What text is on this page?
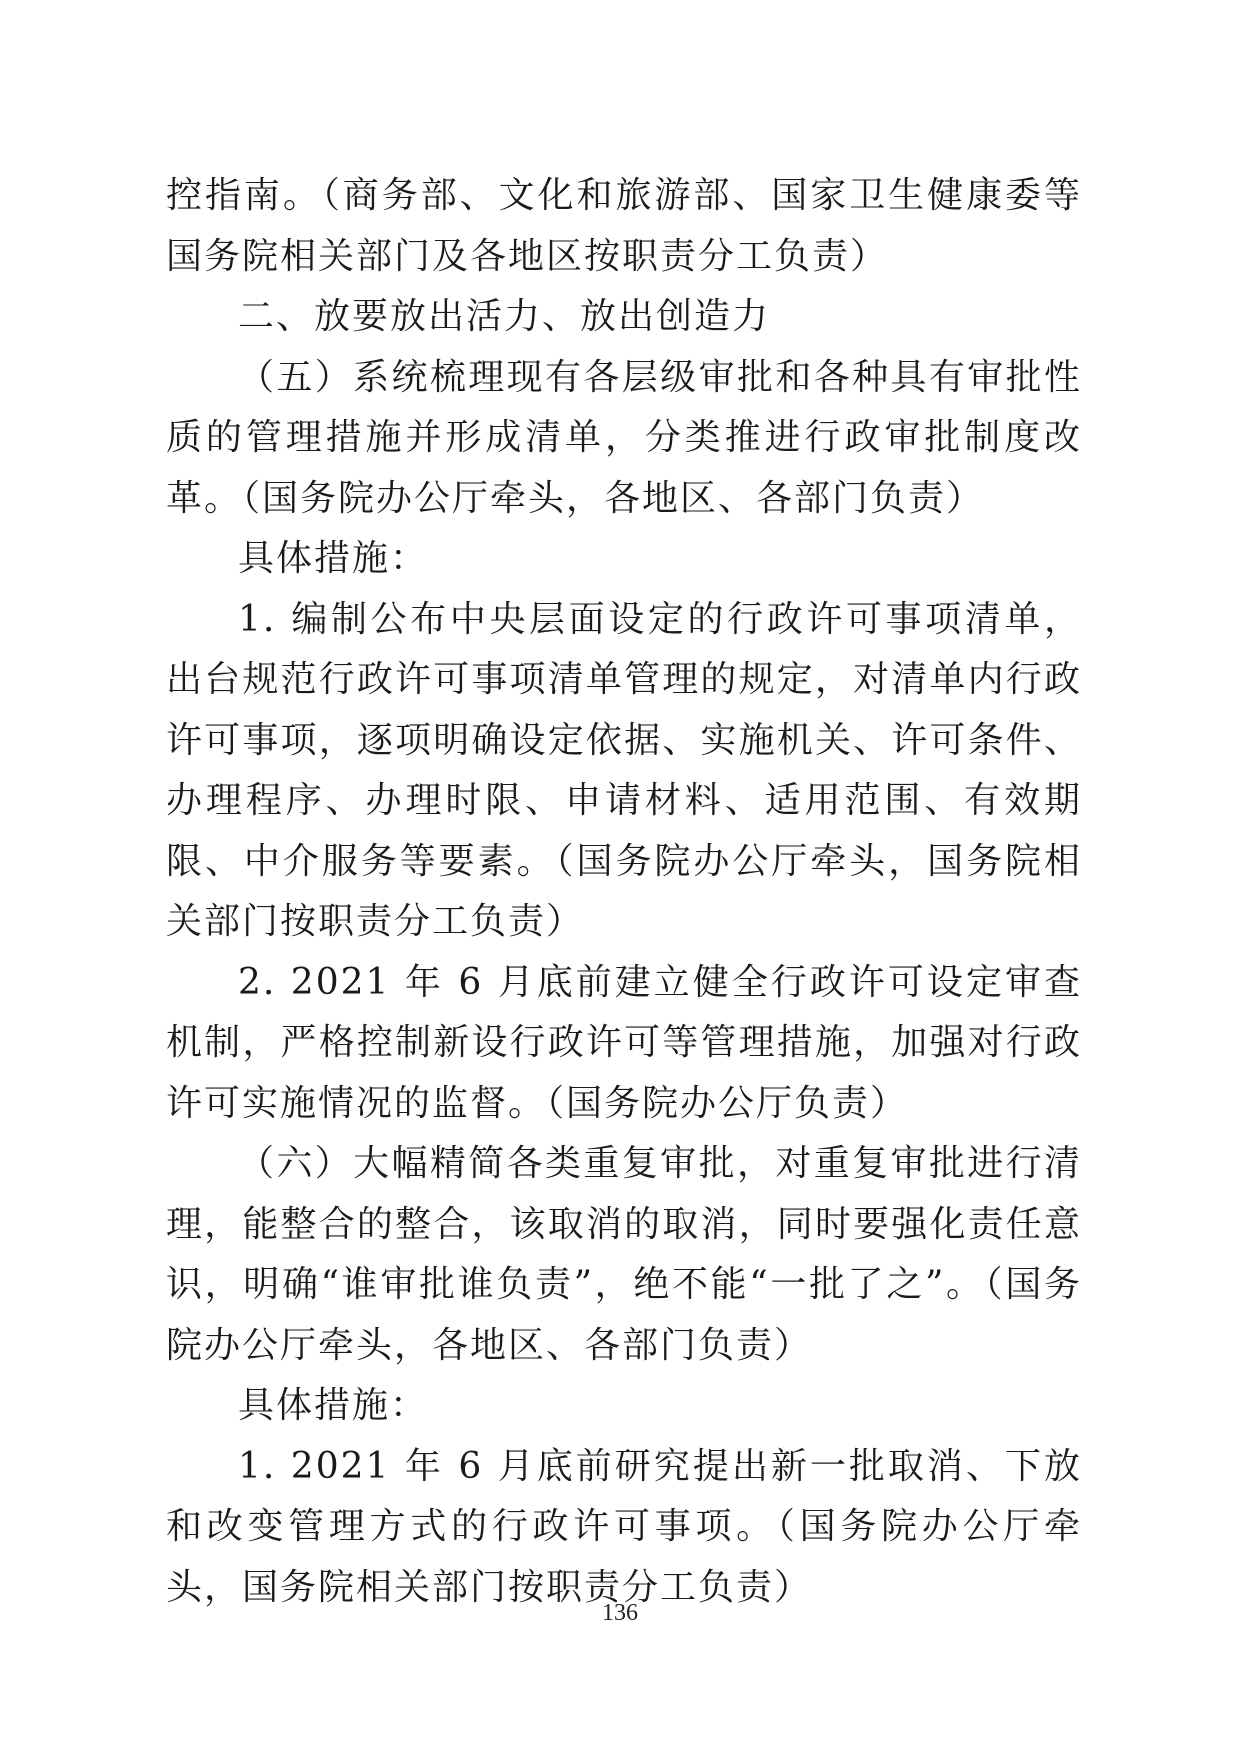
控指南。（商务部、文化和旅游部、国家卫生健康委等国务院相关部门及各地区按职责分工负责）

二、放要放出活力、放出创造力

（五）系统梳理现有各层级审批和各种具有审批性质的管理措施并形成清单，分类推进行政审批制度改革。（国务院办公厅牵头，各地区、各部门负责）

具体措施：

1. 编制公布中央层面设定的行政许可事项清单，出台规范行政许可事项清单管理的规定，对清单内行政许可事项，逐项明确设定依据、实施机关、许可条件、办理程序、办理时限、申请材料、适用范围、有效期限、中介服务等要素。（国务院办公厅牵头，国务院相关部门按职责分工负责）

2. 2021 年 6 月底前建立健全行政许可设定审查机制，严格控制新设行政许可等管理措施，加强对行政许可实施情况的监督。（国务院办公厅负责）

（六）大幅精简各类重复审批，对重复审批进行清理，能整合的整合，该取消的取消，同时要强化责任意识，明确“谁审批谁负责”，绝不能“一批了之”。（国务院办公厅牵头，各地区、各部门负责）

具体措施：

1. 2021 年 6 月底前研究提出新一批取消、下放和改变管理方式的行政许可事项。（国务院办公厅牵头，国务院相关部门按职责分工负责）

136
